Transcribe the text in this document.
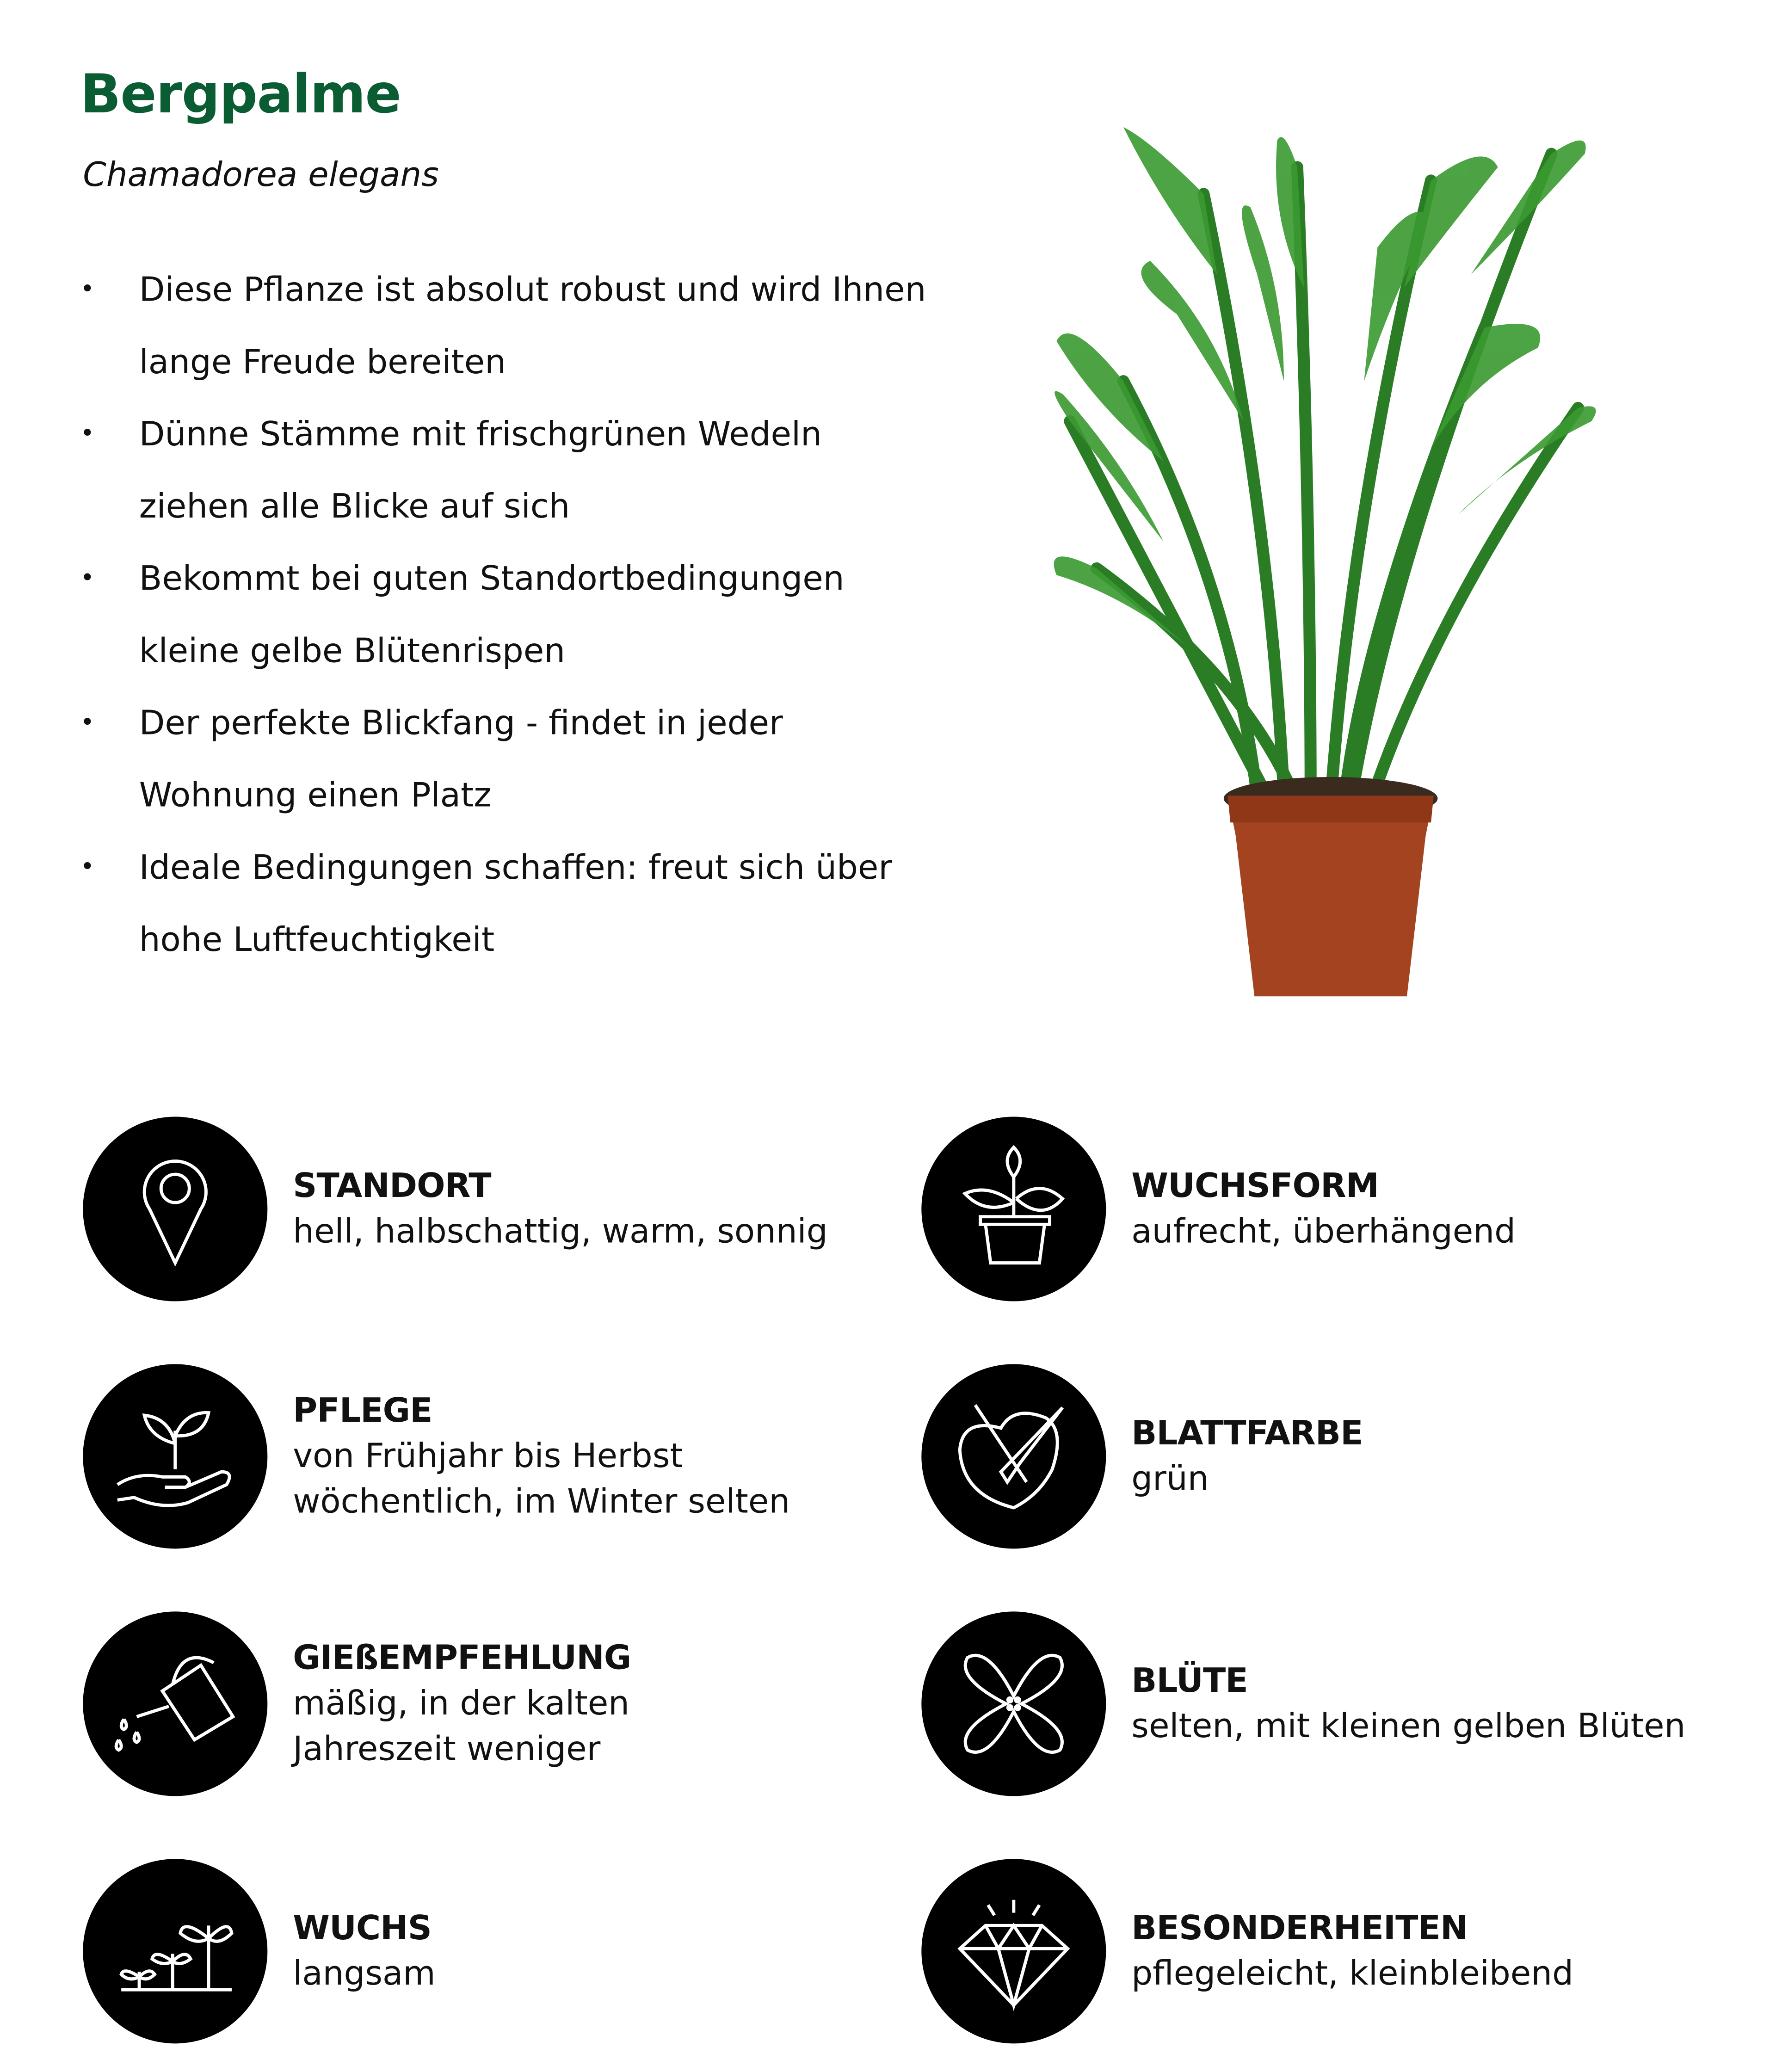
Bergpalme
Chamadorea elegans
• Diese Pflanze ist absolut robust und wird Ihnen lange Freude bereiten
• Dünne Stämme mit frischgrünen Wedeln ziehen alle Blicke auf sich
• Bekommt bei guten Standortbedingungen kleine gelbe Blütenrispen
• Der perfekte Blickfang - findet in jeder Wohnung einen Platz
• Ideale Bedingungen schaffen: freut sich über hohe Luftfeuchtigkeit
STANDORT
hell, halbschattig, warm, sonnig
WUCHSFORM
aufrecht, überhängend
PFLEGE
von Frühjahr bis Herbst
wöchentlich, im Winter selten
BLATTFARBE
grün
GIEßEMPFEHLUNG
mäßig, in der kalten
Jahreszeit weniger
BLÜTE
selten, mit kleinen gelben Blüten
WUCHS
langsam
BESONDERHEITEN
pflegeleicht, kleinbleibend
